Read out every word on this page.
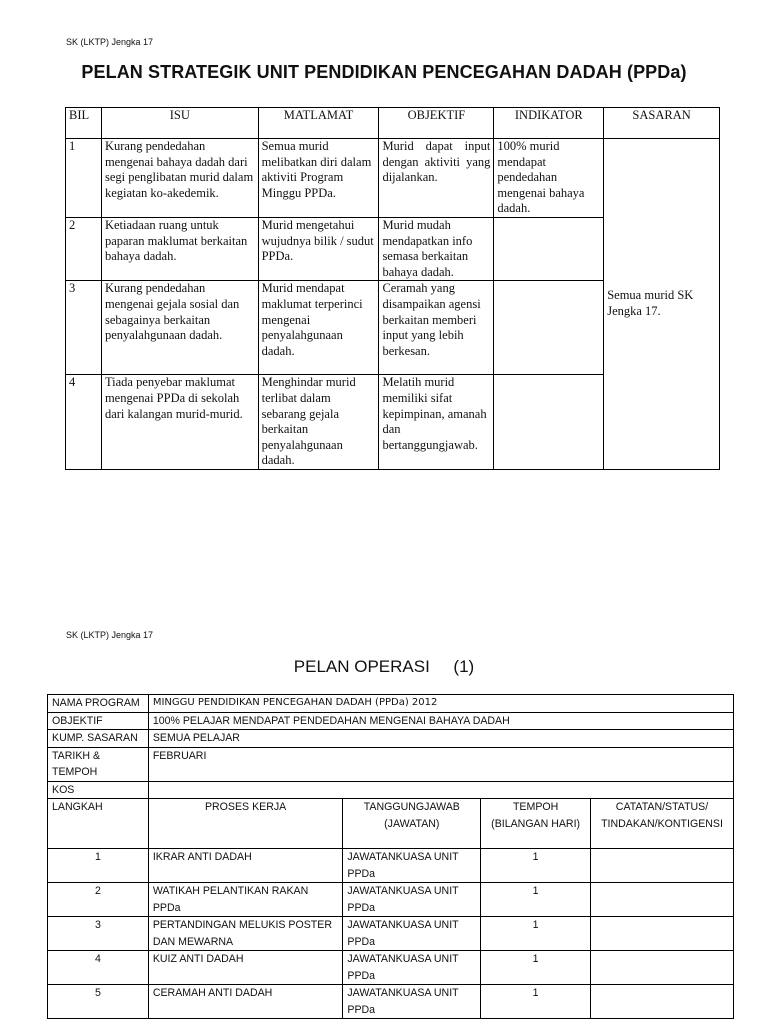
SK (LKTP) Jengka 17
PELAN STRATEGIK UNIT PENDIDIKAN PENCEGAHAN DADAH (PPDa)
BIL	ISU	MATLAMAT	OBJEKTIF	INDIKATOR	SASARAN
1	Kurang pendedahan mengenai bahaya dadah dari segi penglibatan murid dalam kegiatan ko-akedemik.	Semua murid melibatkan diri dalam aktiviti Program Minggu PPDa.	Murid dapat input dengan aktiviti yang dijalankan.	100% murid mendapat pendedahan mengenai bahaya dadah.	Semua murid SK Jengka 17.
2	Ketiadaan ruang untuk paparan maklumat berkaitan bahaya dadah.	Murid mengetahui wujudnya bilik / sudut PPDa.	Murid mudah mendapatkan info semasa berkaitan bahaya dadah.		
3	Kurang pendedahan mengenai gejala sosial dan sebagainya berkaitan penyalahgunaan dadah.	Murid mendapat maklumat terperinci mengenai penyalahgunaan dadah.	Ceramah yang disampaikan agensi berkaitan memberi input yang lebih berkesan.		
4	Tiada penyebar maklumat mengenai PPDa di sekolah dari kalangan murid-murid.	Menghindar murid terlibat dalam sebarang gejala berkaitan penyalahgunaan dadah.	Melatih murid memiliki sifat kepimpinan, amanah dan bertanggungjawab.		
SK (LKTP) Jengka 17
PELAN OPERASI     (1)
NAMA PROGRAM	MINGGU PENDIDIKAN PENCEGAHAN DADAH (PPDa) 2012			
OBJEKTIF	100% PELAJAR MENDAPAT PENDEDAHAN MENGENAI BAHAYA DADAH			
KUMP. SASARAN	SEMUA PELAJAR			
TARIKH & TEMPOH	FEBRUARI			
KOS				
LANGKAH	PROSES KERJA	TANGGUNGJAWAB (JAWATAN)	TEMPOH (BILANGAN HARI)	CATATAN/STATUS/ TINDAKAN/KONTIGENSI
1	IKRAR ANTI DADAH	JAWATANKUASA UNIT PPDa	1	
2	WATIKAH PELANTIKAN RAKAN PPDa	JAWATANKUASA UNIT PPDa	1	
3	PERTANDINGAN MELUKIS POSTER DAN MEWARNA	JAWATANKUASA UNIT PPDa	1	
4	KUIZ ANTI DADAH	JAWATANKUASA UNIT PPDa	1	
5	CERAMAH ANTI DADAH	JAWATANKUASA UNIT PPDa	1	
